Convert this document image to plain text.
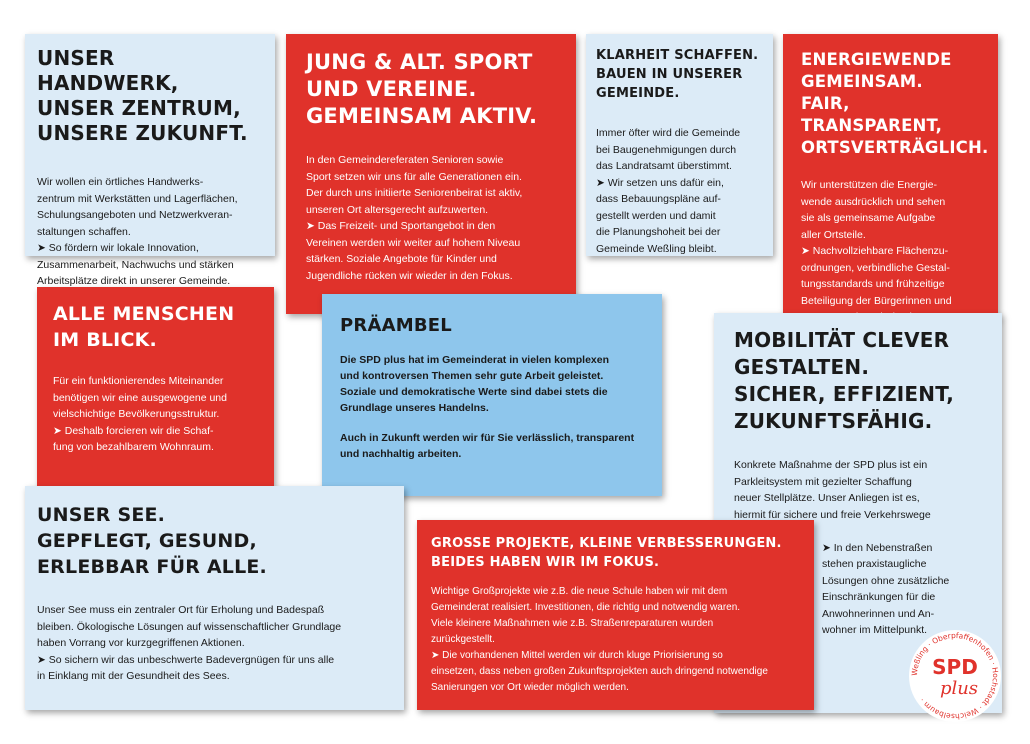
UNSER HANDWERK,
UNSER ZENTRUM,
UNSERE ZUKUNFT.

Wir wollen ein örtliches Handwerks-
zentrum mit Werkstätten und Lagerflächen,
Schulungsangeboten und Netzwerkveran-
staltungen schaffen.

➤ So fördern wir lokale Innovation,
Zusammenarbeit, Nachwuchs und stärken
Arbeitsplätze direkt in unserer Gemeinde.

JUNG & ALT. SPORT
UND VEREINE.
GEMEINSAM AKTIV.

In den Gemeindereferaten Senioren sowie
Sport setzen wir uns für alle Generationen ein.
Der durch uns initiierte Seniorenbeirat ist aktiv,
unseren Ort altersgerecht aufzuwerten.

➤ Das Freizeit- und Sportangebot in den
Vereinen werden wir weiter auf hohem Niveau
stärken. Soziale Angebote für Kinder und
Jugendliche rücken wir wieder in den Fokus.

KLARHEIT SCHAFFEN.
BAUEN IN UNSERER
GEMEINDE.

Immer öfter wird die Gemeinde
bei Baugenehmigungen durch
das Landratsamt überstimmt.

➤ Wir setzen uns dafür ein,
dass Bebauungspläne auf-
gestellt werden und damit
die Planungshoheit bei der
Gemeinde Weßling bleibt.

ENERGIEWENDE
GEMEINSAM.
FAIR, TRANSPARENT,
ORTSVERTRÄGLICH.

Wir unterstützen die Energie-
wende ausdrücklich und sehen
sie als gemeinsame Aufgabe
aller Ortsteile.

➤ Nachvollziehbare Flächenzu-
ordnungen, verbindliche Gestal-
tungsstandards und frühzeitige
Beteiligung der Bürgerinnen und

ALLE MENSCHEN
IM BLICK.

Für ein funktionierendes Miteinander
benötigen wir eine ausgewogene und
vielschichtige Bevölkerungsstruktur.

➤ Deshalb forcieren wir die Schaf-
fung von bezahlbarem Wohnraum.

PRÄAMBEL

Die SPD plus hat im Gemeinderat in vielen komplexen
und kontroversen Themen sehr gute Arbeit geleistet.
Soziale und demokratische Werte sind dabei stets die
Grundlage unseres Handelns.

Auch in Zukunft werden wir für Sie verlässlich, transparent
und nachhaltig arbeiten.

MOBILITÄT CLEVER
GESTALTEN.
SICHER, EFFIZIENT,
ZUKUNFTSFÄHIG.

Konkrete Maßnahme der SPD plus ist ein
Parkleitsystem mit gezielter Schaffung
neuer Stellplätze. Unser Anliegen ist es,
hiermit für sichere und freie Verkehrswege

➤ In den Nebenstraßen
stehen praxistaugliche
Lösungen ohne zusätzliche
Einschränkungen für die
Anwohnerinnen und An-
wohner im Mittelpunkt.

UNSER SEE.
GEPFLEGT, GESUND,
ERLEBBAR FÜR ALLE.

Unser See muss ein zentraler Ort für Erholung und Badespaß
bleiben. Ökologische Lösungen auf wissenschaftlicher Grundlage
haben Vorrang vor kurzgegriffenen Aktionen.

➤ So sichern wir das unbeschwerte Badevergnügen für uns alle
in Einklang mit der Gesundheit des Sees.

GROSSE PROJEKTE, KLEINE VERBESSERUNGEN.
BEIDES HABEN WIR IM FOKUS.

Wichtige Großprojekte wie z.B. die neue Schule haben wir mit dem
Gemeinderat realisiert. Investitionen, die richtig und notwendig waren.
Viele kleinere Maßnahmen wie z.B. Straßenreparaturen wurden
zurückgestellt.

➤ Die vorhandenen Mittel werden wir durch kluge Priorisierung so
einsetzen, dass neben großen Zukunftsprojekten auch dringend notwendige
Sanierungen vor Ort wieder möglich werden.

Weßling · Oberpfaffenhofen · Hochstadt · Weichselbaum ·
SPD
plus
